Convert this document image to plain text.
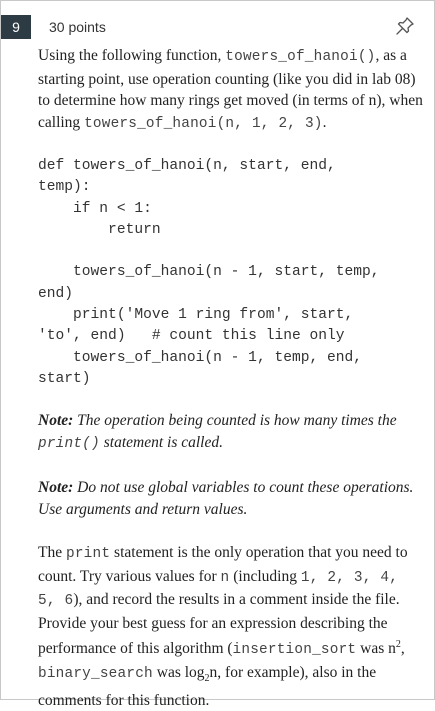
9	30 points

Using the following function, towers_of_hanoi(), as a starting point, use operation counting (like you did in lab 08) to determine how many rings get moved (in terms of n), when calling towers_of_hanoi(n, 1, 2, 3).

def towers_of_hanoi(n, start, end,
temp):
if n < 1:
return
towers_of_hanoi(n - 1, start, temp,
end)
print('Move 1 ring from', start,
'to', end)   # count this line only
towers_of_hanoi(n - 1, temp, end,
start)

Note: The operation being counted is how many times the print() statement is called.

Note: Do not use global variables to count these operations. Use arguments and return values.

The print statement is the only operation that you need to count. Try various values for n (including 1, 2, 3, 4, 5, 6), and record the results in a comment inside the file. Provide your best guess for an expression describing the performance of this algorithm (insertion_sort was $n^2$, binary_search was $\log_2n$, for example), also in the comments for this function.
